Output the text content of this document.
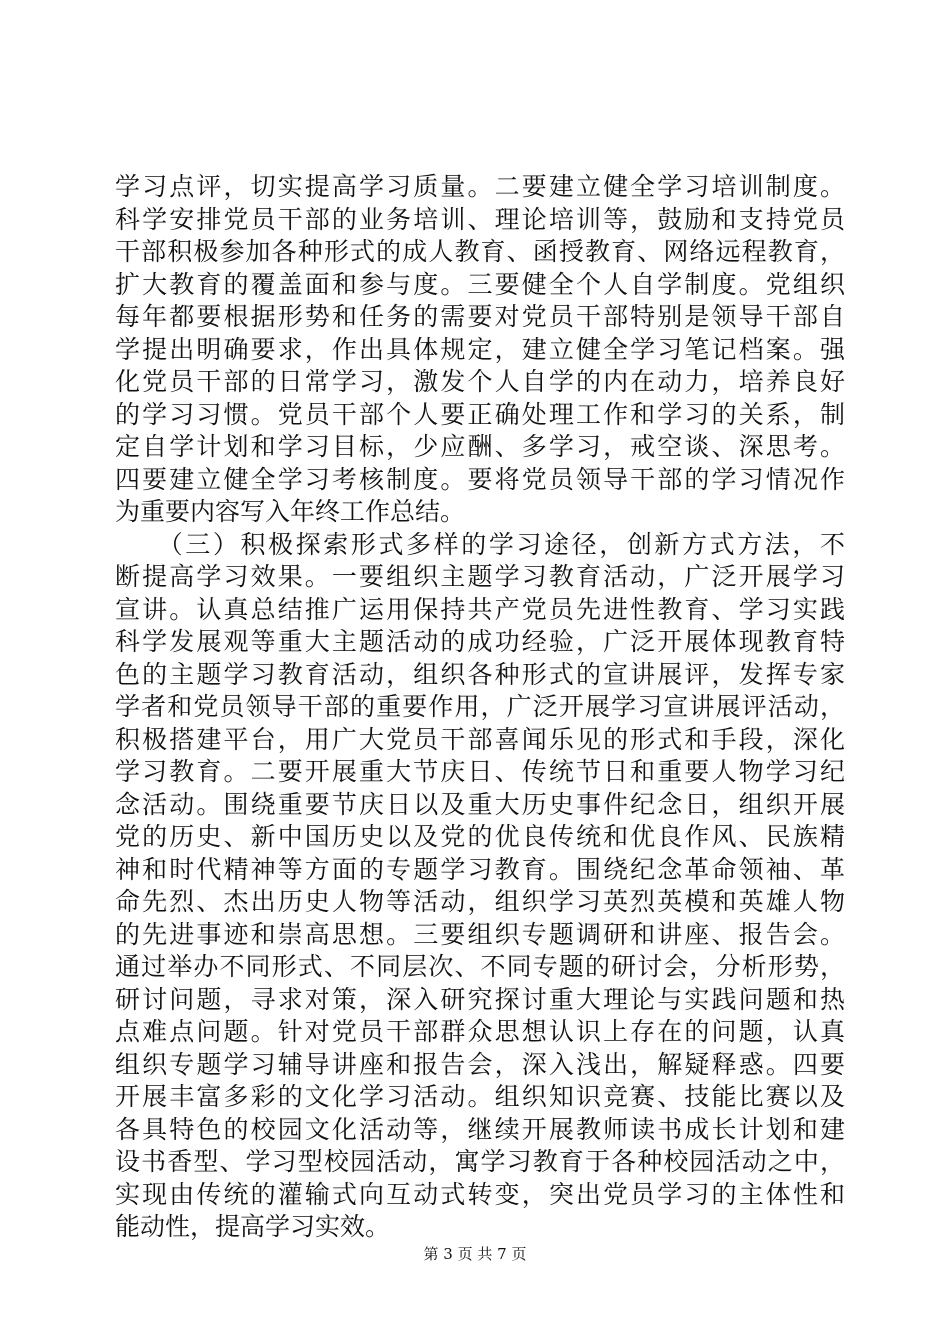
学习点评，切实提高学习质量。二要建立健全学习培训制度。
科学安排党员干部的业务培训、理论培训等，鼓励和支持党员
干部积极参加各种形式的成人教育、函授教育、网络远程教育，
扩大教育的覆盖面和参与度。三要健全个人自学制度。党组织
每年都要根据形势和任务的需要对党员干部特别是领导干部自
学提出明确要求，作出具体规定，建立健全学习笔记档案。强
化党员干部的日常学习，激发个人自学的内在动力，培养良好
的学习习惯。党员干部个人要正确处理工作和学习的关系，制
定自学计划和学习目标，少应酬、多学习，戒空谈、深思考。
四要建立健全学习考核制度。要将党员领导干部的学习情况作
为重要内容写入年终工作总结。
　　（三）积极探索形式多样的学习途径，创新方式方法，不
断提高学习效果。一要组织主题学习教育活动，广泛开展学习
宣讲。认真总结推广运用保持共产党员先进性教育、学习实践
科学发展观等重大主题活动的成功经验，广泛开展体现教育特
色的主题学习教育活动，组织各种形式的宣讲展评，发挥专家
学者和党员领导干部的重要作用，广泛开展学习宣讲展评活动，
积极搭建平台，用广大党员干部喜闻乐见的形式和手段，深化
学习教育。二要开展重大节庆日、传统节日和重要人物学习纪
念活动。围绕重要节庆日以及重大历史事件纪念日，组织开展
党的历史、新中国历史以及党的优良传统和优良作风、民族精
神和时代精神等方面的专题学习教育。围绕纪念革命领袖、革
命先烈、杰出历史人物等活动，组织学习英烈英模和英雄人物
的先进事迹和崇高思想。三要组织专题调研和讲座、报告会。
通过举办不同形式、不同层次、不同专题的研讨会，分析形势，
研讨问题，寻求对策，深入研究探讨重大理论与实践问题和热
点难点问题。针对党员干部群众思想认识上存在的问题，认真
组织专题学习辅导讲座和报告会，深入浅出，解疑释惑。四要
开展丰富多彩的文化学习活动。组织知识竞赛、技能比赛以及
各具特色的校园文化活动等，继续开展教师读书成长计划和建
设书香型、学习型校园活动，寓学习教育于各种校园活动之中，
实现由传统的灌输式向互动式转变，突出党员学习的主体性和
能动性，提高学习实效。
第 3 页 共 7 页
